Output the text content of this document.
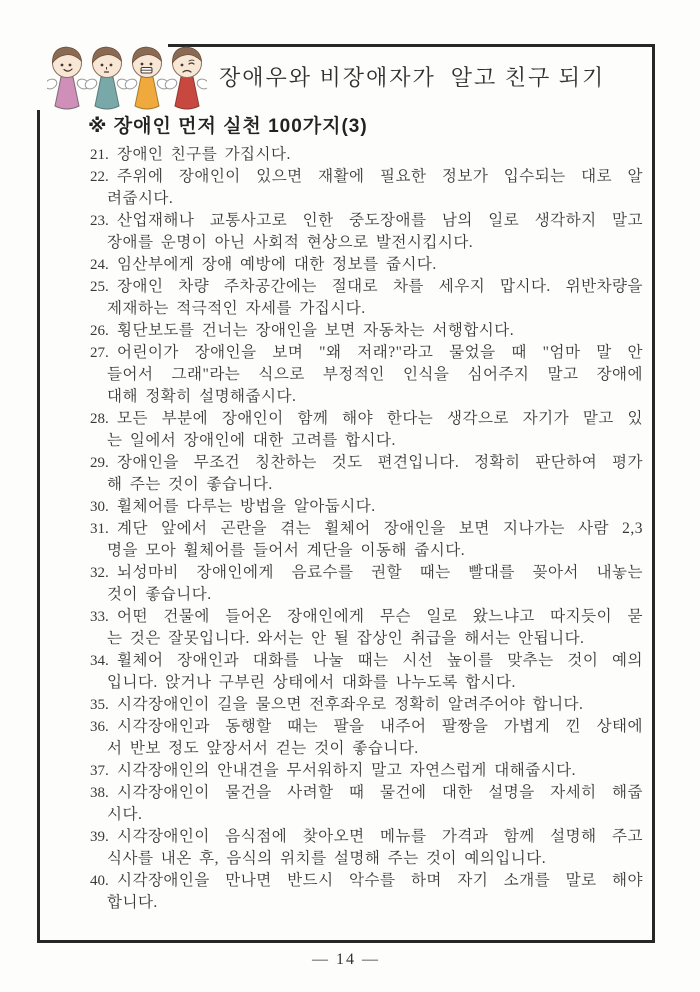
장애우와 비장애자가  알고 친구 되기
※ 장애인 먼저 실천 100가지(3)
21. 장애인 친구를 가집시다.
22. 주위에 장애인이 있으면 재활에 필요한 정보가 입수되는 대로 알
려줍시다.
23. 산업재해나 교통사고로 인한 중도장애를 남의 일로 생각하지 말고
장애를 운명이 아닌 사회적 현상으로 발전시킵시다.
24. 임산부에게 장애 예방에 대한 정보를 줍시다.
25. 장애인 차량 주차공간에는 절대로 차를 세우지 맙시다. 위반차량을
제재하는 적극적인 자세를 가집시다.
26. 횡단보도를 건너는 장애인을 보면 자동차는 서행합시다.
27. 어린이가 장애인을 보며 "왜 저래?"라고 물었을 때 "엄마 말 안
들어서 그래"라는 식으로 부정적인 인식을 심어주지 말고 장애에
대해 정확히 설명해줍시다.
28. 모든 부분에 장애인이 함께 해야 한다는 생각으로 자기가 맡고 있
는 일에서 장애인에 대한 고려를 합시다.
29. 장애인을 무조건 칭찬하는 것도 편견입니다. 정확히 판단하여 평가
해 주는 것이 좋습니다.
30. 휠체어를 다루는 방법을 알아둡시다.
31. 계단 앞에서 곤란을 겪는 휠체어 장애인을 보면 지나가는 사람 2,3
명을 모아 휠체어를 들어서 계단을 이동해 줍시다.
32. 뇌성마비 장애인에게 음료수를 권할 때는 빨대를 꽂아서 내놓는
것이 좋습니다.
33. 어떤 건물에 들어온 장애인에게 무슨 일로 왔느냐고 따지듯이 묻
는 것은 잘못입니다. 와서는 안 될 잡상인 취급을 해서는 안됩니다.
34. 휠체어 장애인과 대화를 나눌 때는 시선 높이를 맞추는 것이 예의
입니다. 앉거나 구부린 상태에서 대화를 나누도록 합시다.
35. 시각장애인이 길을 물으면 전후좌우로 정확히 알려주어야 합니다.
36. 시각장애인과 동행할 때는 팔을 내주어 팔짱을 가볍게 낀 상태에
서 반보 정도 앞장서서 걷는 것이 좋습니다.
37. 시각장애인의 안내견을 무서워하지 말고 자연스럽게 대해줍시다.
38. 시각장애인이 물건을 사려할 때 물건에 대한 설명을 자세히 해줍
시다.
39. 시각장애인이 음식점에 찾아오면 메뉴를 가격과 함께 설명해 주고
식사를 내온 후, 음식의 위치를 설명해 주는 것이 예의입니다.
40. 시각장애인을 만나면 반드시 악수를 하며 자기 소개를 말로 해야
합니다.
— 14 —
